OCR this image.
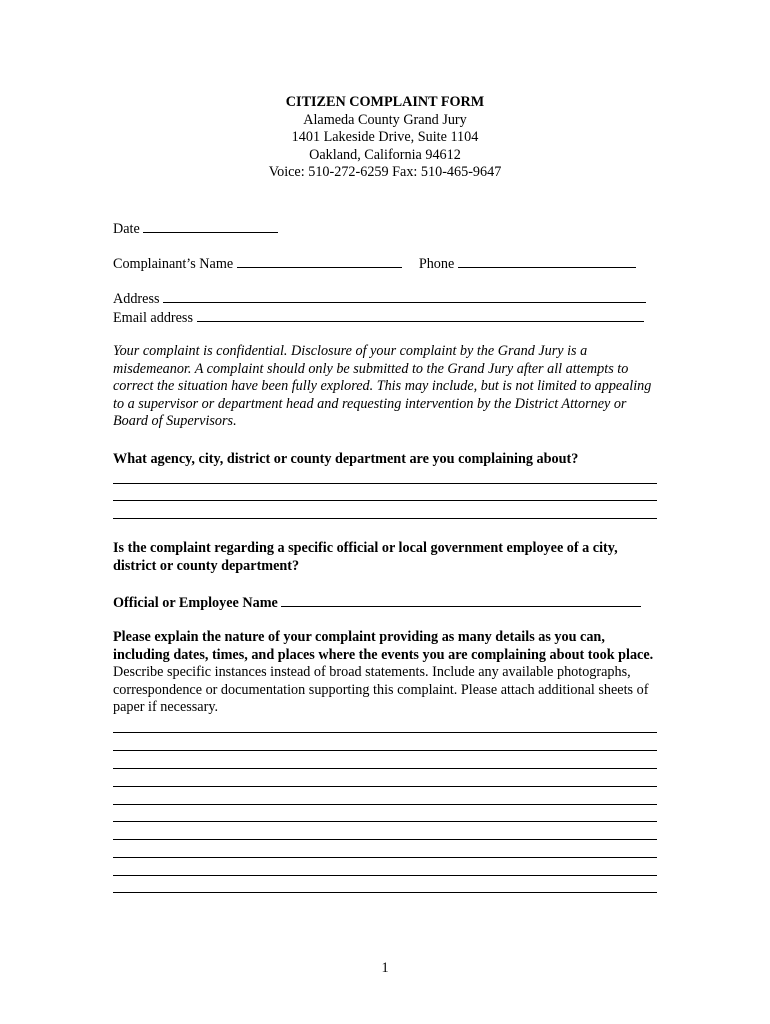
CITIZEN COMPLAINT FORM
Alameda County Grand Jury
1401 Lakeside Drive, Suite 1104
Oakland, California 94612
Voice: 510-272-6259 Fax: 510-465-9647
Date
Complainant’s Name	Phone
Address
Email address
Your complaint is confidential. Disclosure of your complaint by the Grand Jury is a misdemeanor. A complaint should only be submitted to the Grand Jury after all attempts to correct the situation have been fully explored. This may include, but is not limited to appealing to a supervisor or department head and requesting intervention by the District Attorney or Board of Supervisors.
What agency, city, district or county department are you complaining about?
Is the complaint regarding a specific official or local government employee of a city, district or county department?
Official or Employee Name
Please explain the nature of your complaint providing as many details as you can, including dates, times, and places where the events you are complaining about took place. Describe specific instances instead of broad statements. Include any available photographs, correspondence or documentation supporting this complaint. Please attach additional sheets of paper if necessary.
1
